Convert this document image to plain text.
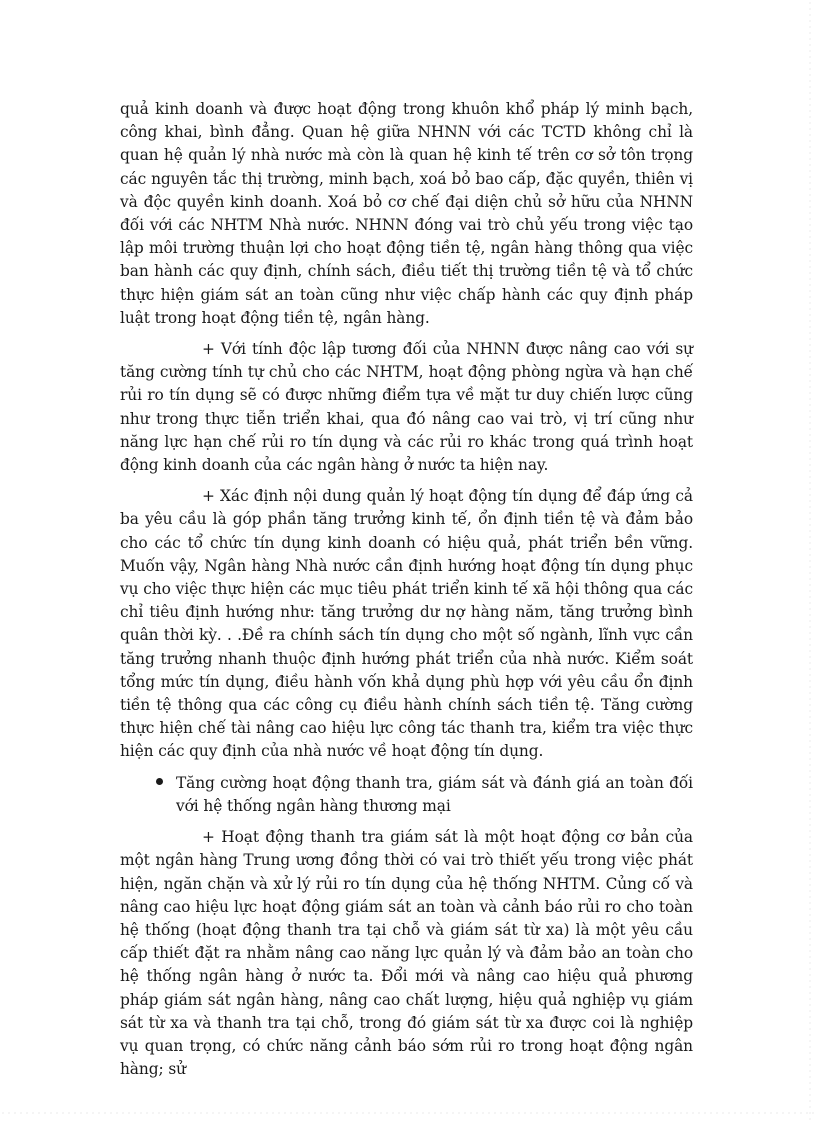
quả kinh doanh và được hoạt động trong khuôn khổ pháp lý minh bạch, công khai, bình đẳng. Quan hệ giữa NHNN với các TCTD không chỉ là quan hệ quản lý nhà nước mà còn là quan hệ kinh tế trên cơ sở tôn trọng các nguyên tắc thị trường, minh bạch, xoá bỏ bao cấp, đặc quyền, thiên vị và độc quyền kinh doanh. Xoá bỏ cơ chế đại diện chủ sở hữu của NHNN đối với các NHTM Nhà nước. NHNN đóng vai trò chủ yếu trong việc tạo lập môi trường thuận lợi cho hoạt động tiền tệ, ngân hàng thông qua việc ban hành các quy định, chính sách, điều tiết thị trường tiền tệ và tổ chức thực hiện giám sát an toàn cũng như việc chấp hành các quy định pháp luật trong hoạt động tiền tệ, ngân hàng.

+ Với tính độc lập tương đối của NHNN được nâng cao với sự tăng cường tính tự chủ cho các NHTM, hoạt động phòng ngừa và hạn chế rủi ro tín dụng sẽ có được những điểm tựa về mặt tư duy chiến lược cũng như trong thực tiễn triển khai, qua đó nâng cao vai trò, vị trí cũng như năng lực hạn chế rủi ro tín dụng và các rủi ro khác trong quá trình hoạt động kinh doanh của các ngân hàng ở nước ta hiện nay.

+ Xác định nội dung quản lý hoạt động tín dụng để đáp ứng cả ba yêu cầu là góp phần tăng trưởng kinh tế, ổn định tiền tệ và đảm bảo cho các tổ chức tín dụng kinh doanh có hiệu quả, phát triển bền vững. Muốn vậy, Ngân hàng Nhà nước cần định hướng hoạt động tín dụng phục vụ cho việc thực hiện các mục tiêu phát triển kinh tế xã hội thông qua các chỉ tiêu định hướng như: tăng trưởng dư nợ hàng năm, tăng trưởng bình quân thời kỳ. . .Đề ra chính sách tín dụng cho một số ngành, lĩnh vực cần tăng trưởng nhanh thuộc định hướng phát triển của nhà nước. Kiểm soát tổng mức tín dụng, điều hành vốn khả dụng phù hợp với yêu cầu ổn định tiền tệ thông qua các công cụ điều hành chính sách tiền tệ. Tăng cường thực hiện chế tài nâng cao hiệu lực công tác thanh tra, kiểm tra việc thực hiện các quy định của nhà nước về hoạt động tín dụng.

Tăng cường hoạt động thanh tra, giám sát và đánh giá an toàn đối với hệ thống ngân hàng thương mại

+ Hoạt động thanh tra giám sát là một hoạt động cơ bản của một ngân hàng Trung ương đồng thời có vai trò thiết yếu trong việc phát hiện, ngăn chặn và xử lý rủi ro tín dụng của hệ thống NHTM. Củng cố và nâng cao hiệu lực hoạt động giám sát an toàn và cảnh báo rủi ro cho toàn hệ thống (hoạt động thanh tra tại chỗ và giám sát từ xa) là một yêu cầu cấp thiết đặt ra nhằm nâng cao năng lực quản lý và đảm bảo an toàn cho hệ thống ngân hàng ở nước ta. Đổi mới và nâng cao hiệu quả phương pháp giám sát ngân hàng, nâng cao chất lượng, hiệu quả nghiệp vụ giám sát từ xa và thanh tra tại chỗ, trong đó giám sát từ xa được coi là nghiệp vụ quan trọng, có chức năng cảnh báo sớm rủi ro trong hoạt động ngân hàng; sử
